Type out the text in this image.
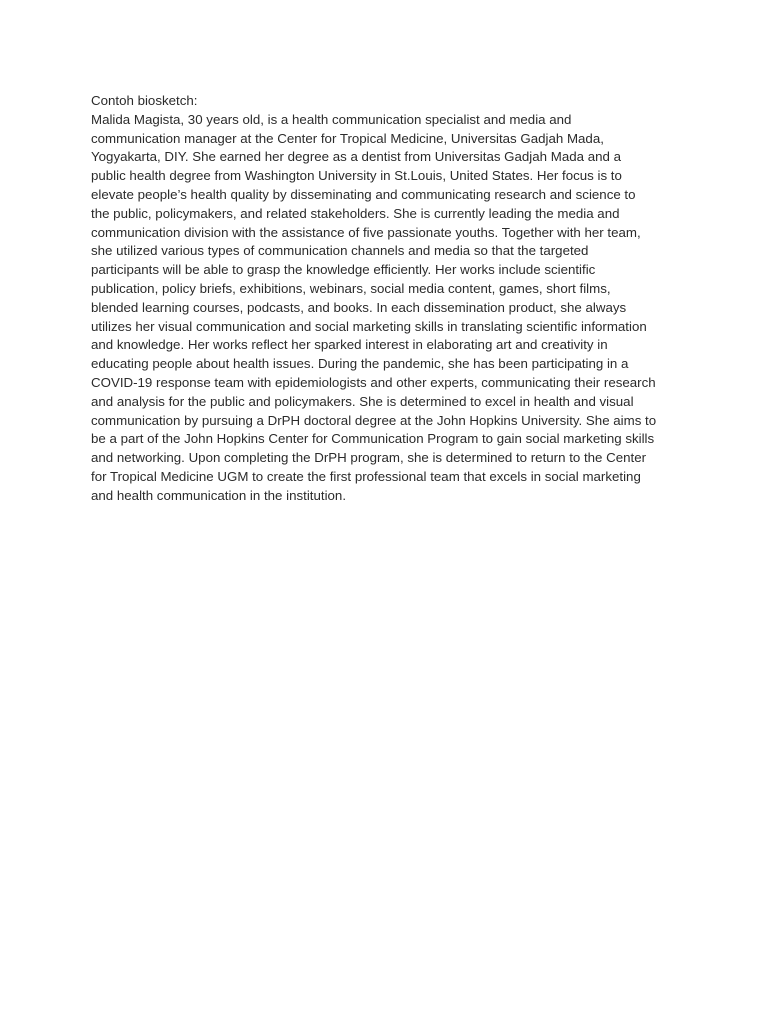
Contoh biosketch:
Malida Magista, 30 years old, is a health communication specialist and media and
communication manager at the Center for Tropical Medicine, Universitas Gadjah Mada,
Yogyakarta, DIY. She earned her degree as a dentist from Universitas Gadjah Mada and a
public health degree from Washington University in St.Louis, United States. Her focus is to
elevate people’s health quality by disseminating and communicating research and science to
the public, policymakers, and related stakeholders. She is currently leading the media and
communication division with the assistance of five passionate youths. Together with her team,
she utilized various types of communication channels and media so that the targeted
participants will be able to grasp the knowledge efficiently. Her works include scientific
publication, policy briefs, exhibitions, webinars, social media content, games, short films,
blended learning courses, podcasts, and books. In each dissemination product, she always
utilizes her visual communication and social marketing skills in translating scientific information
and knowledge. Her works reflect her sparked interest in elaborating art and creativity in
educating people about health issues. During the pandemic, she has been participating in a
COVID-19 response team with epidemiologists and other experts, communicating their research
and analysis for the public and policymakers. She is determined to excel in health and visual
communication by pursuing a DrPH doctoral degree at the John Hopkins University. She aims to
be a part of the John Hopkins Center for Communication Program to gain social marketing skills
and networking. Upon completing the DrPH program, she is determined to return to the Center
for Tropical Medicine UGM to create the first professional team that excels in social marketing
and health communication in the institution.
